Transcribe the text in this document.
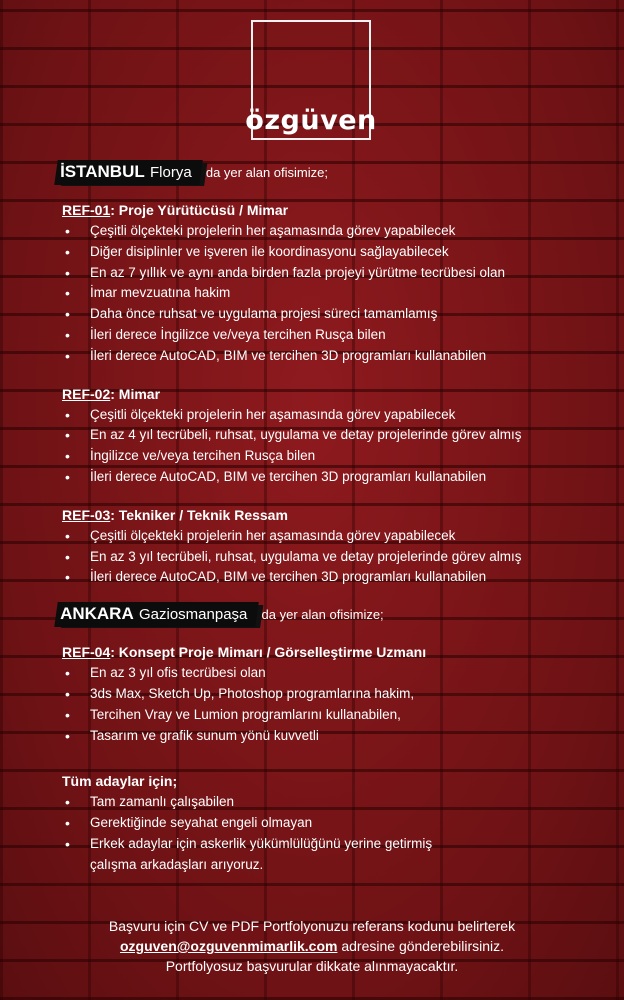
özgüven
İSTANBUL Florya 'da yer alan ofisimize;
REF-01: Proje Yürütücüsü / Mimar
• Çeşitli ölçekteki projelerin her aşamasında görev yapabilecek
• Diğer disiplinler ve işveren ile koordinasyonu sağlayabilecek
• En az 7 yıllık ve aynı anda birden fazla projeyi yürütme tecrübesi olan
• İmar mevzuatına hakim
• Daha önce ruhsat ve uygulama projesi süreci tamamlamış
• İleri derece İngilizce ve/veya tercihen Rusça bilen
• İleri derece AutoCAD, BIM ve tercihen 3D programları kullanabilen
REF-02: Mimar
• Çeşitli ölçekteki projelerin her aşamasında görev yapabilecek
• En az 4 yıl tecrübeli, ruhsat, uygulama ve detay projelerinde görev almış
• İngilizce ve/veya tercihen Rusça bilen
• İleri derece AutoCAD, BIM ve tercihen 3D programları kullanabilen
REF-03: Tekniker / Teknik Ressam
• Çeşitli ölçekteki projelerin her aşamasında görev yapabilecek
• En az 3 yıl tecrübeli, ruhsat, uygulama ve detay projelerinde görev almış
• İleri derece AutoCAD, BIM ve tercihen 3D programları kullanabilen
ANKARA Gaziosmanpaşa 'da yer alan ofisimize;
REF-04: Konsept Proje Mimarı / Görselleştirme Uzmanı
• En az 3 yıl ofis tecrübesi olan
• 3ds Max, Sketch Up, Photoshop programlarına hakim,
• Tercihen Vray ve Lumion programlarını kullanabilen,
• Tasarım ve grafik sunum yönü kuvvetli
Tüm adaylar için;
• Tam zamanlı çalışabilen
• Gerektiğinde seyahat engeli olmayan
• Erkek adaylar için askerlik yükümlülüğünü yerine getirmiş
çalışma arkadaşları arıyoruz.
Başvuru için CV ve PDF Portfolyonuzu referans kodunu belirterek
ozguven@ozguvenmimarlik.com adresine gönderebilirsiniz.
Portfolyosuz başvurular dikkate alınmayacaktır.
